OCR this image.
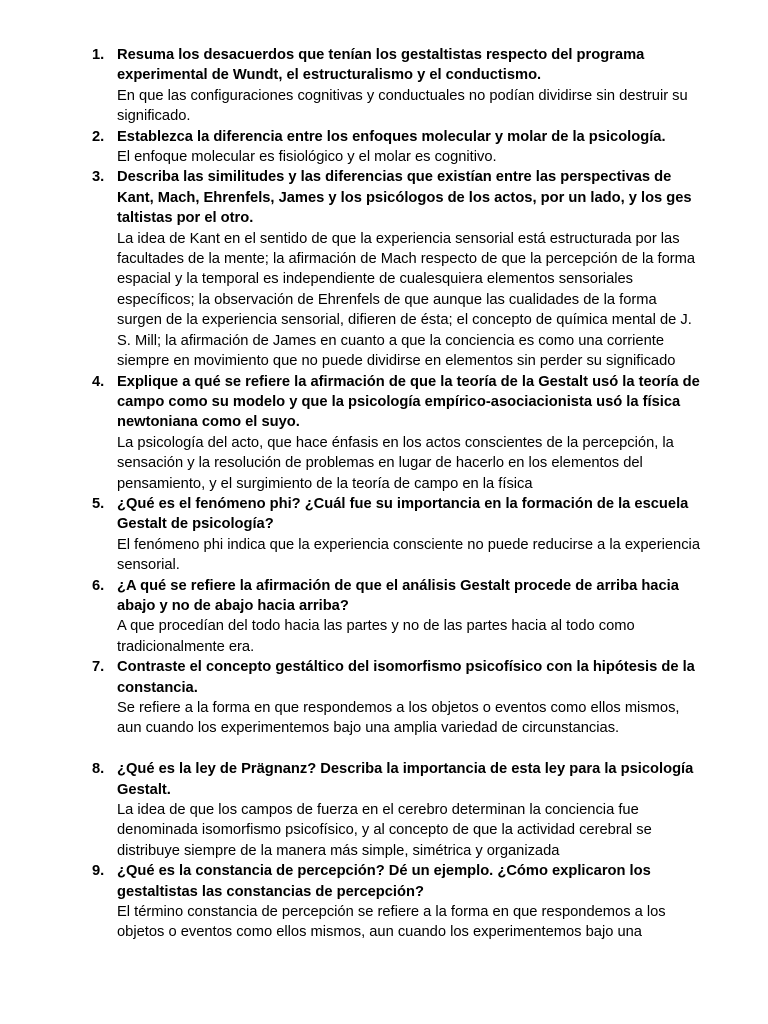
1. Resuma los desacuerdos que tenían los gestaltistas respecto del programa experimental de Wundt, el estructuralismo y el conductismo.
En que las configuraciones cognitivas y conductuales no podían dividirse sin destruir su significado.
2. Establezca la diferencia entre los enfoques molecular y molar de la psicología.
El enfoque molecular es fisiológico y el molar es cognitivo.
3. Describa las similitudes y las diferencias que existían entre las perspectivas de Kant, Mach, Ehrenfels, James y los psicólogos de los actos, por un lado, y los ges taltistas por el otro.
La idea de Kant en el sentido de que la experiencia sensorial está estructurada por las facultades de la mente; la afirmación de Mach respecto de que la percepción de la forma espacial y la temporal es independiente de cualesquiera elementos sensoriales específicos; la observación de Ehrenfels de que aunque las cualidades de la forma surgen de la experiencia sensorial, difieren de ésta; el concepto de química mental de J. S. Mill; la afirmación de James en cuanto a que la conciencia es como una corriente siempre en movimiento que no puede dividirse en elementos sin perder su significado
4. Explique a qué se refiere la afirmación de que la teoría de la Gestalt usó la teoría de campo como su modelo y que la psicología empírico-asociacionista usó la física newtoniana como el suyo.
La psicología del acto, que hace énfasis en los actos conscientes de la percepción, la sensación y la resolución de problemas en lugar de hacerlo en los elementos del pensamiento, y el surgimiento de la teoría de campo en la física
5. ¿Qué es el fenómeno phi? ¿Cuál fue su importancia en la formación de la escuela Gestalt de psicología?
El fenómeno phi indica que la experiencia consciente no puede reducirse a la experiencia sensorial.
6. ¿A qué se refiere la afirmación de que el análisis Gestalt procede de arriba hacia abajo y no de abajo hacia arriba?
A que procedían del todo hacia las partes y no de las partes hacia al todo como tradicionalmente era.
7. Contraste el concepto gestáltico del isomorfismo psicofísico con la hipótesis de la constancia.
Se refiere a la forma en que respondemos a los objetos o eventos como ellos mismos, aun cuando los experimentemos bajo una amplia variedad de circunstancias.
8. ¿Qué es la ley de Prägnanz? Describa la importancia de esta ley para la psicología Gestalt.
La idea de que los campos de fuerza en el cerebro determinan la conciencia fue denominada isomorfismo psicofísico, y al concepto de que la actividad cerebral se distribuye siempre de la manera más simple, simétrica y organizada
9. ¿Qué es la constancia de percepción? Dé un ejemplo. ¿Cómo explicaron los gestaltistas las constancias de percepción?
El término constancia de percepción se refiere a la forma en que respondemos a los objetos o eventos como ellos mismos, aun cuando los experimentemos bajo una
